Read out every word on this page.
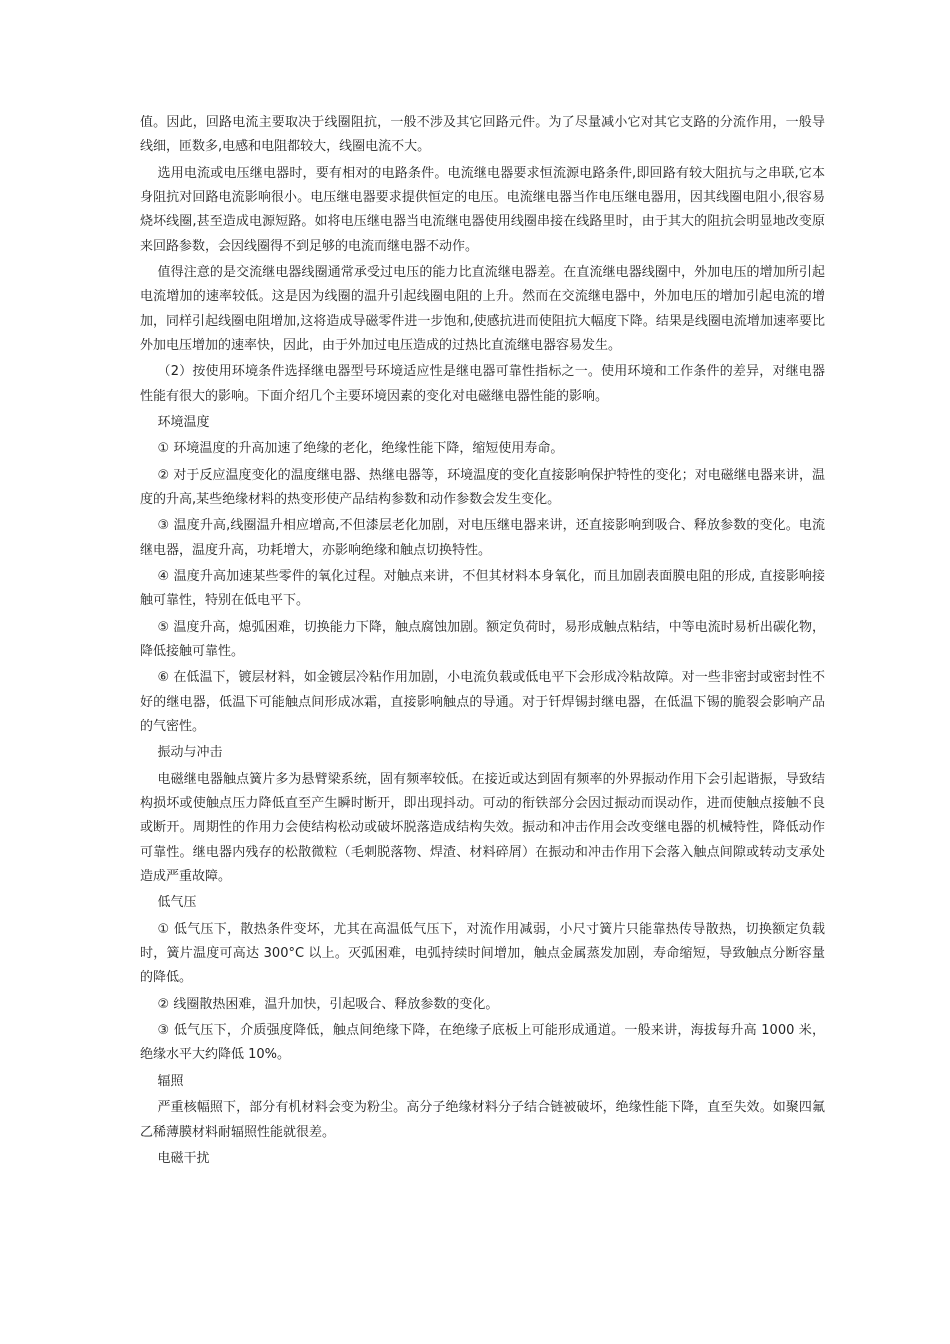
值。因此，回路电流主要取决于线圈阻抗，一般不涉及其它回路元件。为了尽量减小它对其它支路的分流作用，一般导线细，匝数多,电感和电阻都较大，线圈电流不大。

选用电流或电压继电器时，要有相对的电路条件。电流继电器要求恒流源电路条件,即回路有较大阻抗与之串联,它本身阻抗对回路电流影响很小。电压继电器要求提供恒定的电压。电流继电器当作电压继电器用，因其线圈电阻小,很容易烧坏线圈,甚至造成电源短路。如将电压继电器当电流继电器使用线圈串接在线路里时，由于其大的阻抗会明显地改变原来回路参数，会因线圈得不到足够的电流而继电器不动作。

值得注意的是交流继电器线圈通常承受过电压的能力比直流继电器差。在直流继电器线圈中，外加电压的增加所引起电流增加的速率较低。这是因为线圈的温升引起线圈电阻的上升。然而在交流继电器中，外加电压的增加引起电流的增加，同样引起线圈电阻增加,这将造成导磁零件进一步饱和,使感抗进而使阻抗大幅度下降。结果是线圈电流增加速率要比外加电压增加的速率快，因此，由于外加过电压造成的过热比直流继电器容易发生。

（2）按使用环境条件选择继电器型号环境适应性是继电器可靠性指标之一。使用环境和工作条件的差异，对继电器性能有很大的影响。下面介绍几个主要环境因素的变化对电磁继电器性能的影响。

环境温度

① 环境温度的升高加速了绝缘的老化，绝缘性能下降，缩短使用寿命。

② 对于反应温度变化的温度继电器、热继电器等，环境温度的变化直接影响保护特性的变化；对电磁继电器来讲，温度的升高,某些绝缘材料的热变形使产品结构参数和动作参数会发生变化。

③ 温度升高,线圈温升相应增高,不但漆层老化加剧，对电压继电器来讲，还直接影响到吸合、释放参数的变化。电流继电器，温度升高，功耗增大，亦影响绝缘和触点切换特性。

④ 温度升高加速某些零件的氧化过程。对触点来讲，不但其材料本身氧化，而且加剧表面膜电阻的形成, 直接影响接触可靠性，特别在低电平下。

⑤ 温度升高，熄弧困难，切换能力下降，触点腐蚀加剧。额定负荷时，易形成触点粘结，中等电流时易析出碳化物，降低接触可靠性。

⑥ 在低温下，镀层材料，如金镀层冷粘作用加剧，小电流负载或低电平下会形成冷粘故障。对一些非密封或密封性不好的继电器，低温下可能触点间形成冰霜，直接影响触点的导通。对于钎焊锡封继电器，在低温下锡的脆裂会影响产品的气密性。

振动与冲击

电磁继电器触点簧片多为悬臂梁系统，固有频率较低。在接近或达到固有频率的外界振动作用下会引起谐振，导致结构损坏或使触点压力降低直至产生瞬时断开，即出现抖动。可动的衔铁部分会因过振动而误动作，进而使触点接触不良或断开。周期性的作用力会使结构松动或破坏脱落造成结构失效。振动和冲击作用会改变继电器的机械特性，降低动作可靠性。继电器内残存的松散微粒（毛刺脱落物、焊渣、材料碎屑）在振动和冲击作用下会落入触点间隙或转动支承处造成严重故障。

低气压

① 低气压下，散热条件变坏，尤其在高温低气压下，对流作用减弱，小尺寸簧片只能靠热传导散热，切换额定负载时，簧片温度可高达 300°C 以上。灭弧困难，电弧持续时间增加，触点金属蒸发加剧，寿命缩短，导致触点分断容量的降低。

② 线圈散热困难，温升加快，引起吸合、释放参数的变化。

③ 低气压下，介质强度降低，触点间绝缘下降，在绝缘子底板上可能形成通道。一般来讲，海拔每升高 1000 米，绝缘水平大约降低 10%。

辐照

严重核幅照下，部分有机材料会变为粉尘。高分子绝缘材料分子结合链被破坏，绝缘性能下降，直至失效。如聚四氟乙稀薄膜材料耐辐照性能就很差。

电磁干扰
